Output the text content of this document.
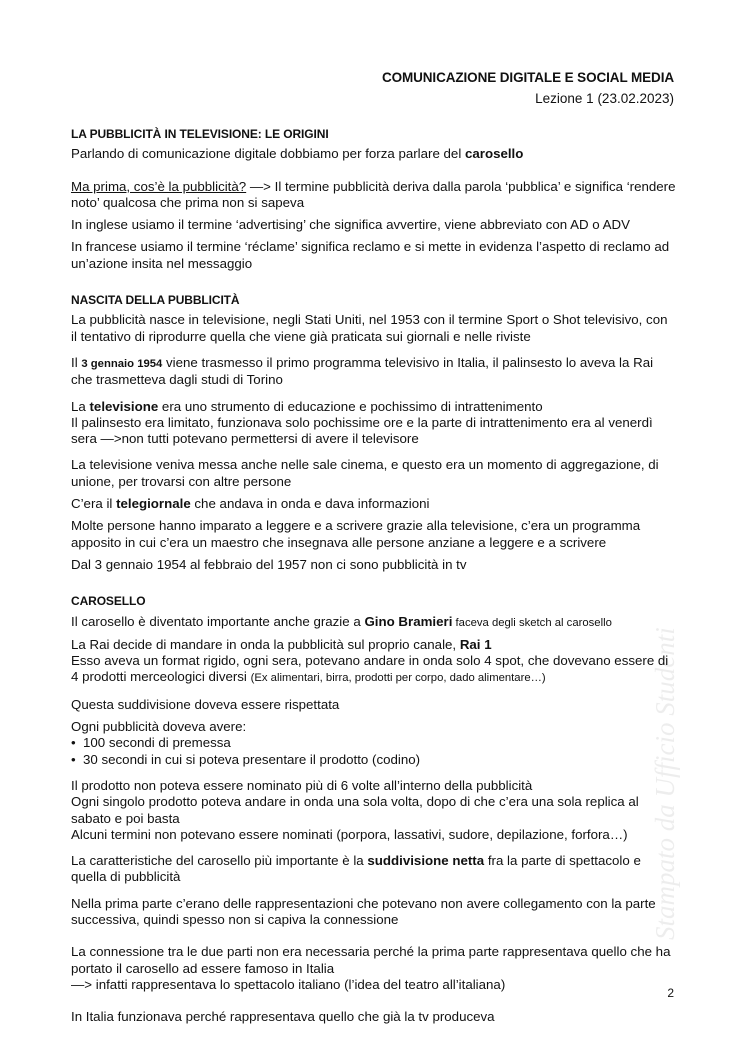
COMUNICAZIONE DIGITALE E SOCIAL MEDIA
Lezione 1 (23.02.2023)
LA PUBBLICITÀ IN TELEVISIONE: LE ORIGINI

Parlando di comunicazione digitale dobbiamo per forza parlare del carosello

Ma prima, cos’è la pubblicità? —> Il termine pubblicità deriva dalla parola ‘pubblica’ e significa ‘rendere noto’ qualcosa che prima non si sapeva

In inglese usiamo il termine ‘advertising’ che significa avvertire, viene abbreviato con AD o ADV

In francese usiamo il termine ‘réclame’ significa reclamo e si mette in evidenza l’aspetto di reclamo ad un’azione insita nel messaggio

NASCITA DELLA PUBBLICITÀ

La pubblicità nasce in televisione, negli Stati Uniti, nel 1953 con il termine Sport o Shot televisivo, con il tentativo di riprodurre quella che viene già praticata sui giornali e nelle riviste

Il 3 gennaio 1954 viene trasmesso il primo programma televisivo in Italia, il palinsesto lo aveva la Rai che trasmetteva dagli studi di Torino

La televisione era uno strumento di educazione e pochissimo di intrattenimento

Il palinsesto era limitato, funzionava solo pochissime ore e la parte di intrattenimento era al venerdì sera —>non tutti potevano permettersi di avere il televisore

La televisione veniva messa anche nelle sale cinema, e questo era un momento di aggregazione, di unione, per trovarsi con altre persone

C’era il telegiornale che andava in onda e dava informazioni

Molte persone hanno imparato a leggere e a scrivere grazie alla televisione, c’era un programma apposito in cui c’era un maestro che insegnava alle persone anziane a leggere e a scrivere

Dal 3 gennaio 1954 al febbraio del 1957 non ci sono pubblicità in tv

CAROSELLO

Il carosello è diventato importante anche grazie a Gino Bramieri faceva degli sketch al carosello

La Rai decide di mandare in onda la pubblicità sul proprio canale, Rai 1

Esso aveva un format rigido, ogni sera, potevano andare in onda solo 4 spot, che dovevano essere di 4 prodotti merceologici diversi (Ex alimentari, birra, prodotti per corpo, dado alimentare…)

Questa suddivisione doveva essere rispettata

Ogni pubblicità doveva avere:

• 100 secondi di premessa
• 30 secondi in cui si poteva presentare il prodotto (codino)

Il prodotto non poteva essere nominato più di 6 volte all’interno della pubblicità

Ogni singolo prodotto poteva andare in onda una sola volta, dopo di che c’era una sola replica al sabato e poi basta

Alcuni termini non potevano essere nominati (porpora, lassativi, sudore, depilazione, forfora…)

La caratteristiche del carosello più importante è la suddivisione netta fra la parte di spettacolo e quella di pubblicità

Nella prima parte c’erano delle rappresentazioni che potevano non avere collegamento con la parte successiva, quindi spesso non si capiva la connessione

La connessione tra le due parti non era necessaria perché la prima parte rappresentava quello che ha portato il carosello ad essere famoso in Italia

—> infatti rappresentava lo spettacolo italiano (l’idea del teatro all’italiana)

In Italia funzionava perché rappresentava quello che già la tv produceva

Stampato da Ufficio Studenti
2
